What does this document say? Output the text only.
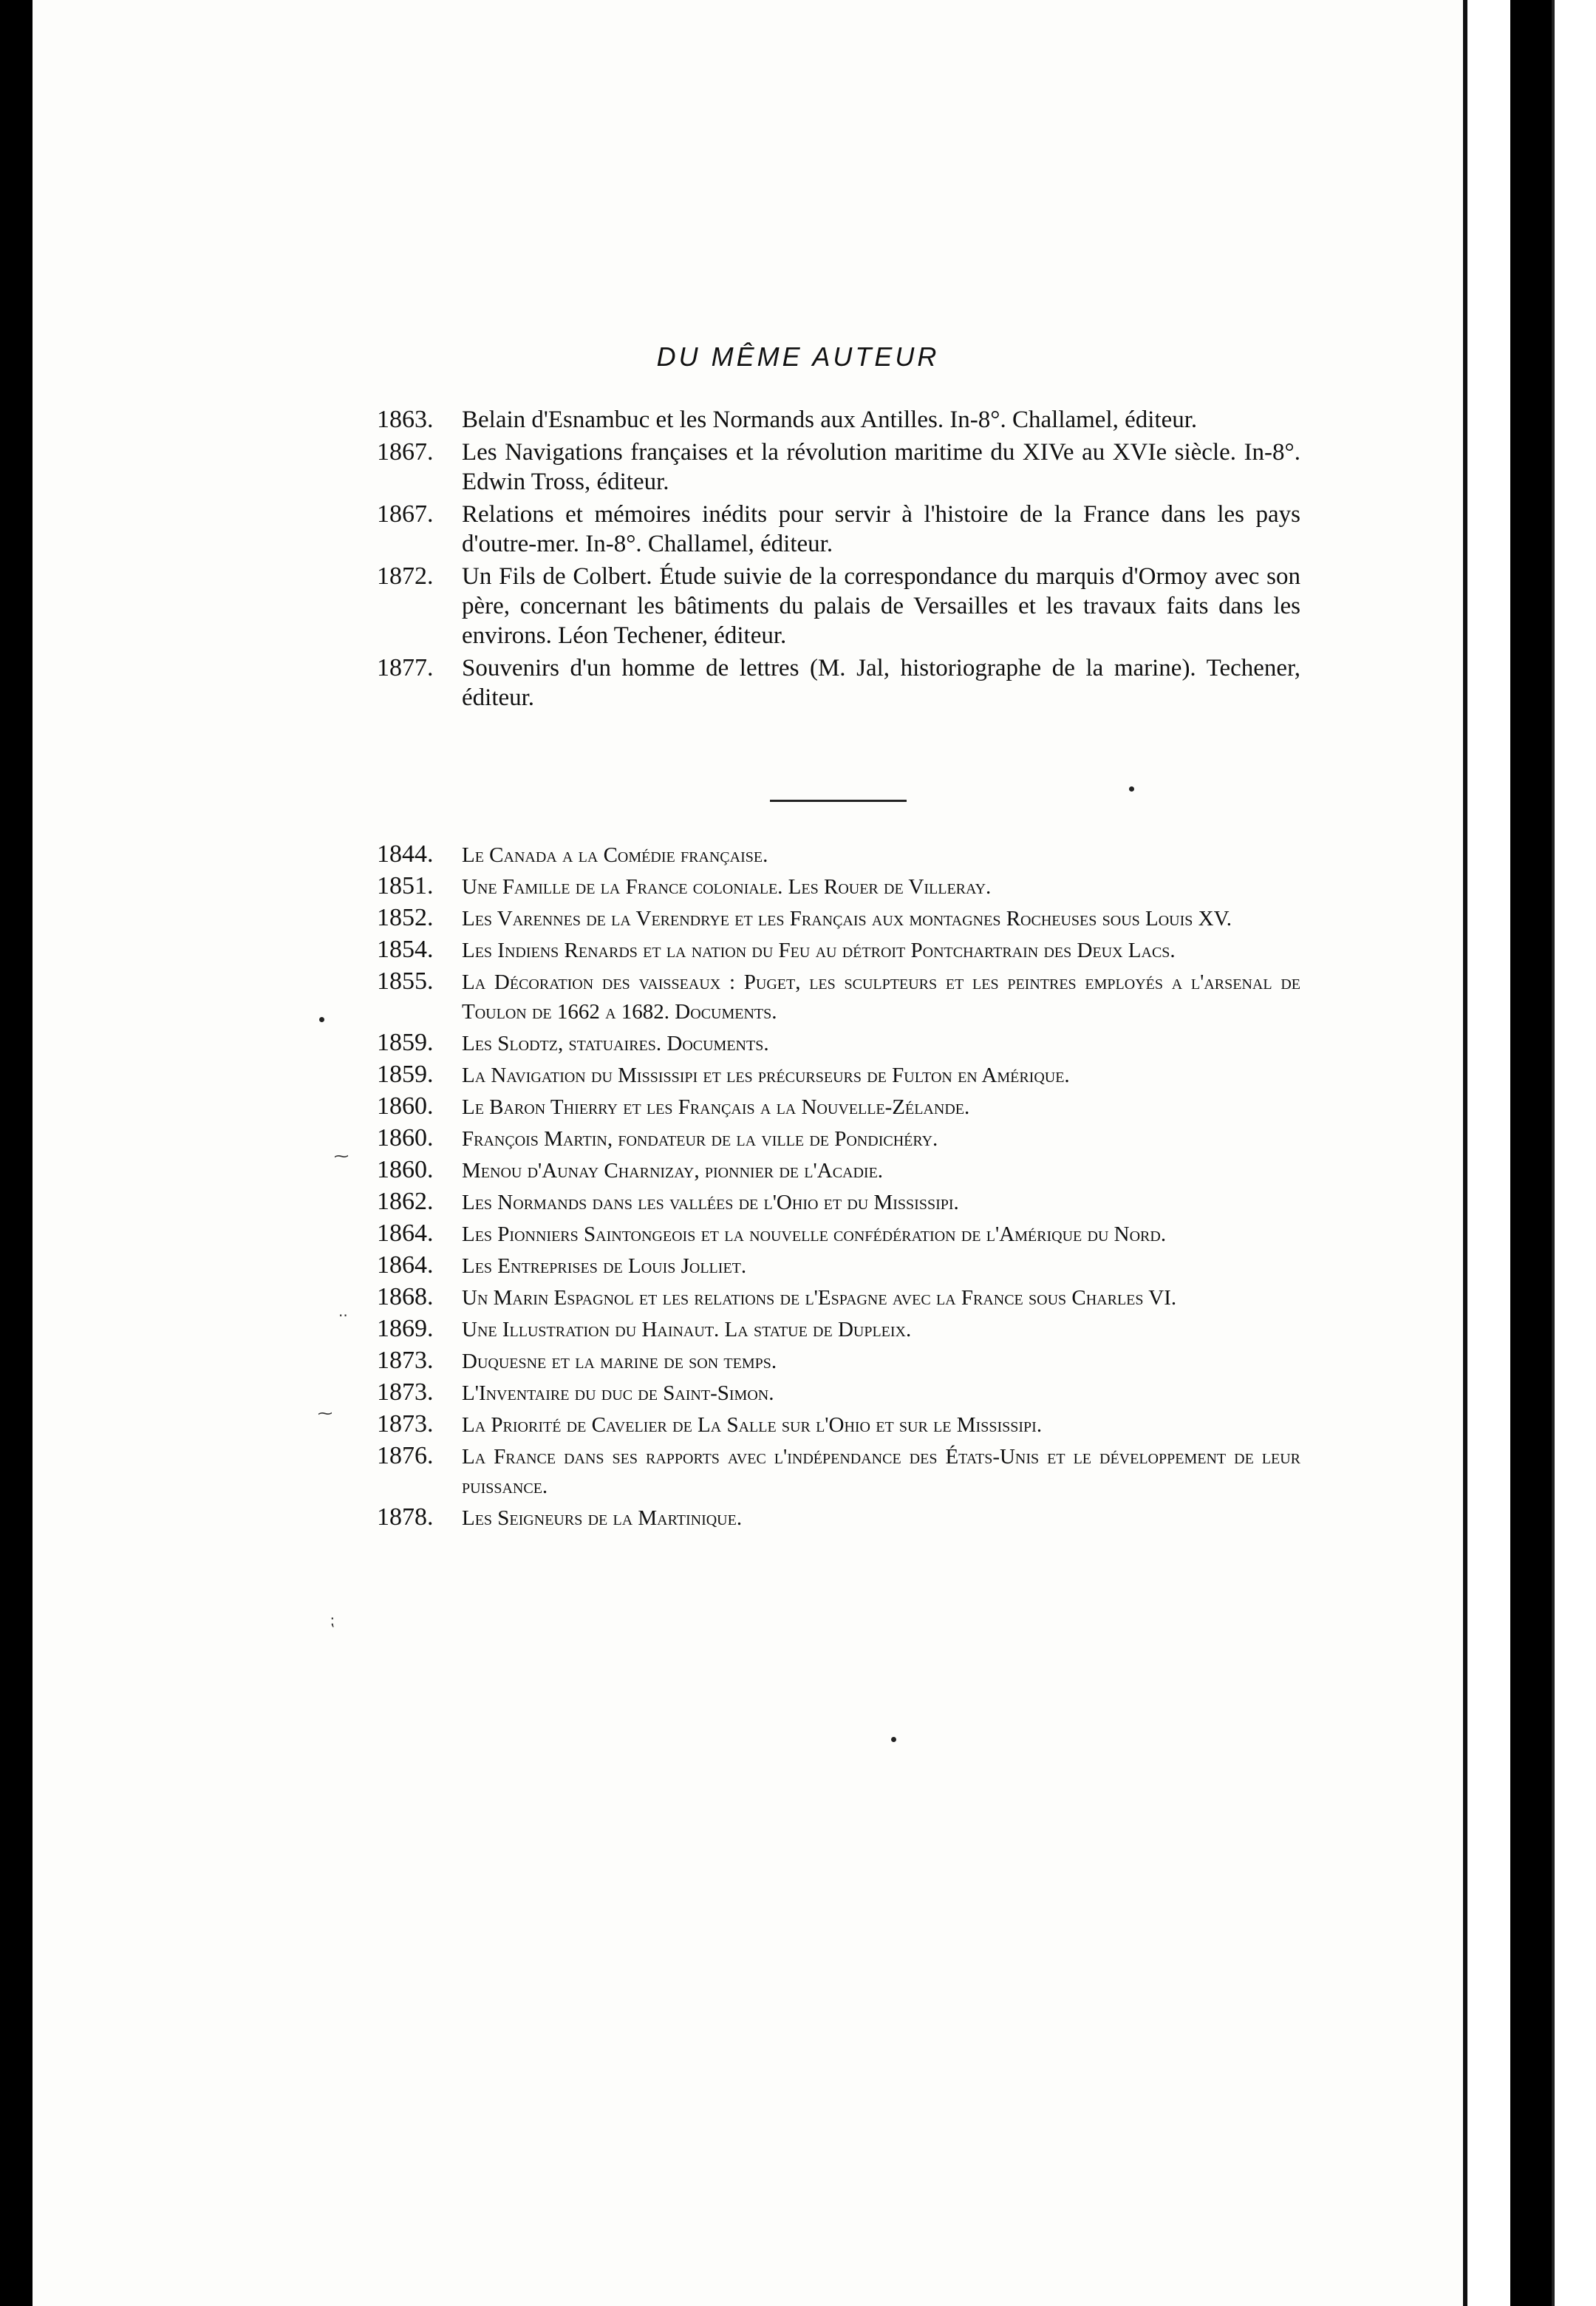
DU MÊME AUTEUR
1863.	Belain d'Esnambuc et les Normands aux Antilles. In-8°. Challamel, éditeur.
1867.	Les Navigations françaises et la révolution maritime du XIVe au XVIe siècle. In-8°. Edwin Tross, éditeur.
1867.	Relations et mémoires inédits pour servir à l'histoire de la France dans les pays d'outre-mer. In-8°. Challamel, éditeur.
1872.	Un Fils de Colbert. Étude suivie de la correspondance du marquis d'Ormoy avec son père, concernant les bâtiments du palais de Versailles et les travaux faits dans les environs. Léon Techener, éditeur.
1877.	Souvenirs d'un homme de lettres (M. Jal, historiographe de la marine). Techener, éditeur.
1844.	Le Canada a la Comédie française.
1851.	Une Famille de la France coloniale. Les Rouer de Villeray.
1852.	Les Varennes de la Verendrye et les Français aux montagnes Rocheuses sous Louis XV.
1854.	Les Indiens Renards et la nation du Feu au détroit Pontchartrain des Deux Lacs.
1855.	La Décoration des vaisseaux : Puget, les sculpteurs et les peintres employés a l'arsenal de Toulon de 1662 a 1682. Documents.
1859.	Les Slodtz, statuaires. Documents.
1859.	La Navigation du Mississipi et les précurseurs de Fulton en Amérique.
1860.	Le Baron Thierry et les Français a la Nouvelle-Zélande.
1860.	François Martin, fondateur de la ville de Pondichéry.
1860.	Menou d'Aunay Charnizay, pionnier de l'Acadie.
1862.	Les Normands dans les vallées de l'Ohio et du Mississipi.
1864.	Les Pionniers Saintongeois et la nouvelle confédération de l'Amérique du Nord.
1864.	Les Entreprises de Louis Jolliet.
1868.	Un Marin Espagnol et les relations de l'Espagne avec la France sous Charles VI.
1869.	Une Illustration du Hainaut. La statue de Dupleix.
1873.	Duquesne et la marine de son temps.
1873.	L'Inventaire du duc de Saint-Simon.
1873.	La Priorité de Cavelier de La Salle sur l'Ohio et sur le Mississipi.
1876.	La France dans ses rapports avec l'indépendance des États-Unis et le développement de leur puissance.
1878.	Les Seigneurs de la Martinique.
⁓
··
⁓
⁏
